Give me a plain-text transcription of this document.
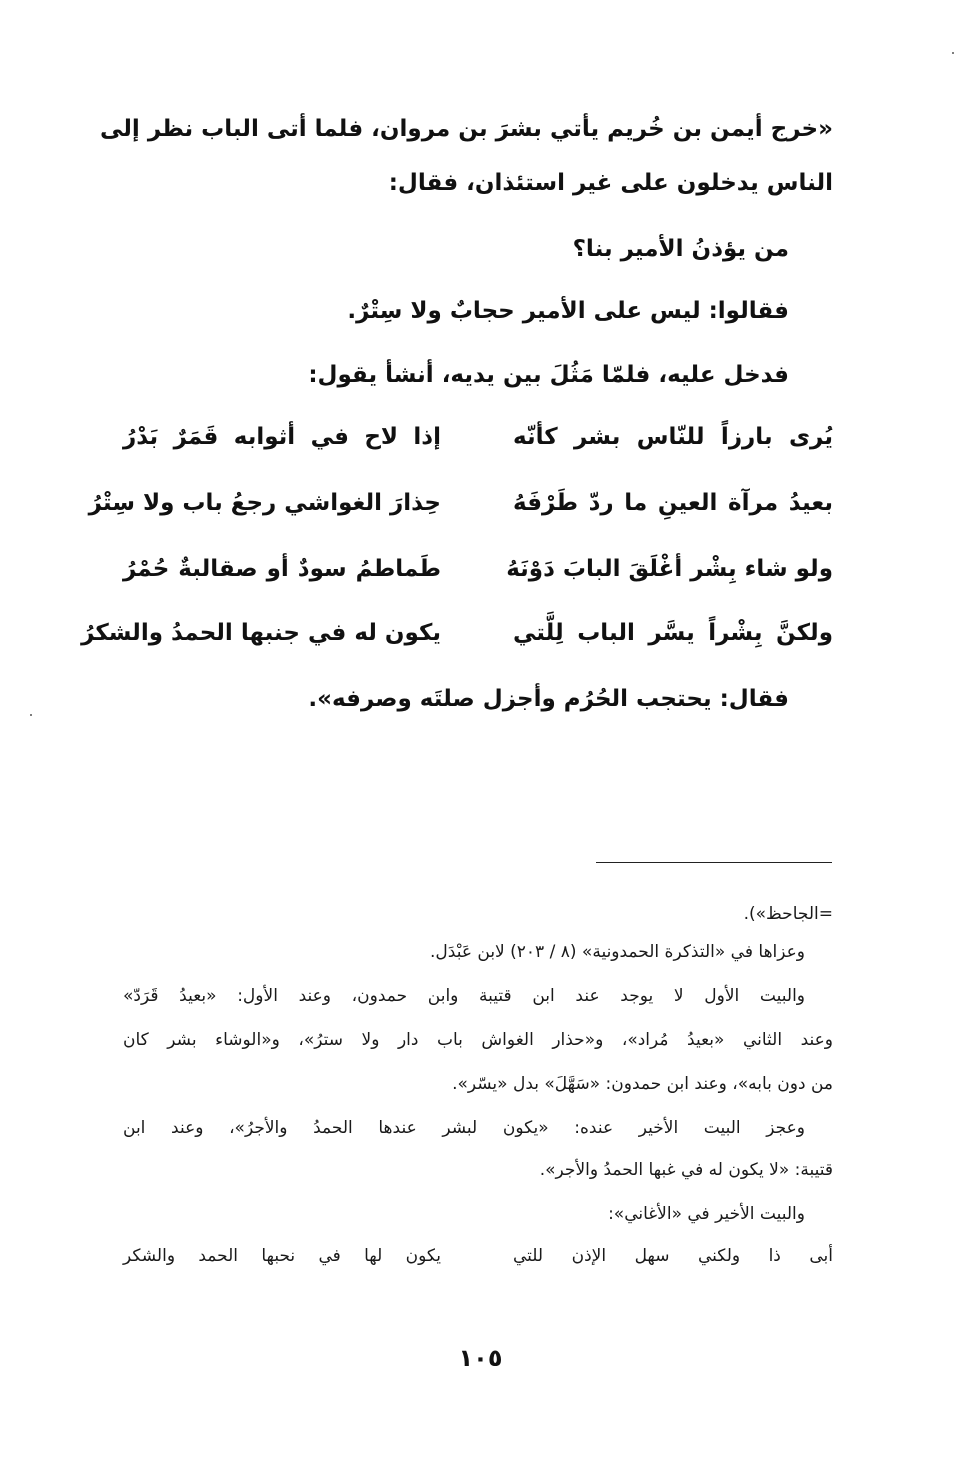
«خرج أيمن بن خُريم يأتي بشرَ بن مروان، فلما أتى الباب نظر إلى
الناس يدخلون على غير استئذان، فقال:
من يؤذنُ الأمير بنا؟
فقالوا: ليس على الأمير حجابٌ ولا سِتْرٌ.
فدخل عليه، فلمّا مَثُلَ بين يديه، أنشأ يقول:
يُرى بارزاً للنّاس بشر كأنّه
إذا لاح في أثوابه قَمَرٌ بَدْرُ
بعيدُ مرآة العينِ ما ردّ طَرْفَهُ
حِذارَ الغواشي رجعُ باب ولا سِتْرُ
ولو شاء بِشْر أغْلَقَ البابَ دَوْنَهُ
طَماطمُ سودٌ أو صقالبةٌ حُمْرُ
ولكنَّ بِشْراً يسَّر الباب لِلَّتي
يكون له في جنبها الحمدُ والشكرُ
فقال: يحتجب الحُرُم وأجزل صلتَه وصرفه».
=الجاحظ»).
وعزاها في «التذكرة الحمدونية» (٨ / ٢٠٣) لابن عَبْدَل.
والبيت الأول لا يوجد عند ابن قتيبة وابن حمدون، وعند الأول: «بعيدُ قَرَدّ»
وعند الثاني «بعيدُ مُراد»، و«حذار الغواش باب دار ولا سترُ»، و«الوشاء بشر كان
من دون بابه»، وعند ابن حمدون: «سَهَّلَ» بدل «يسّر».
وعجز البيت الأخير عنده: «يكون لبشر عندها الحمدُ والأجرُ»، وعند ابن
قتيبة: «لا يكون له في غبها الحمدُ والأجر».
والبيت الأخير في «الأغاني»:
أبى ذا ولكني سهل الإذن للتي
يكون لها في نحبها الحمد والشكر
١٠٥
